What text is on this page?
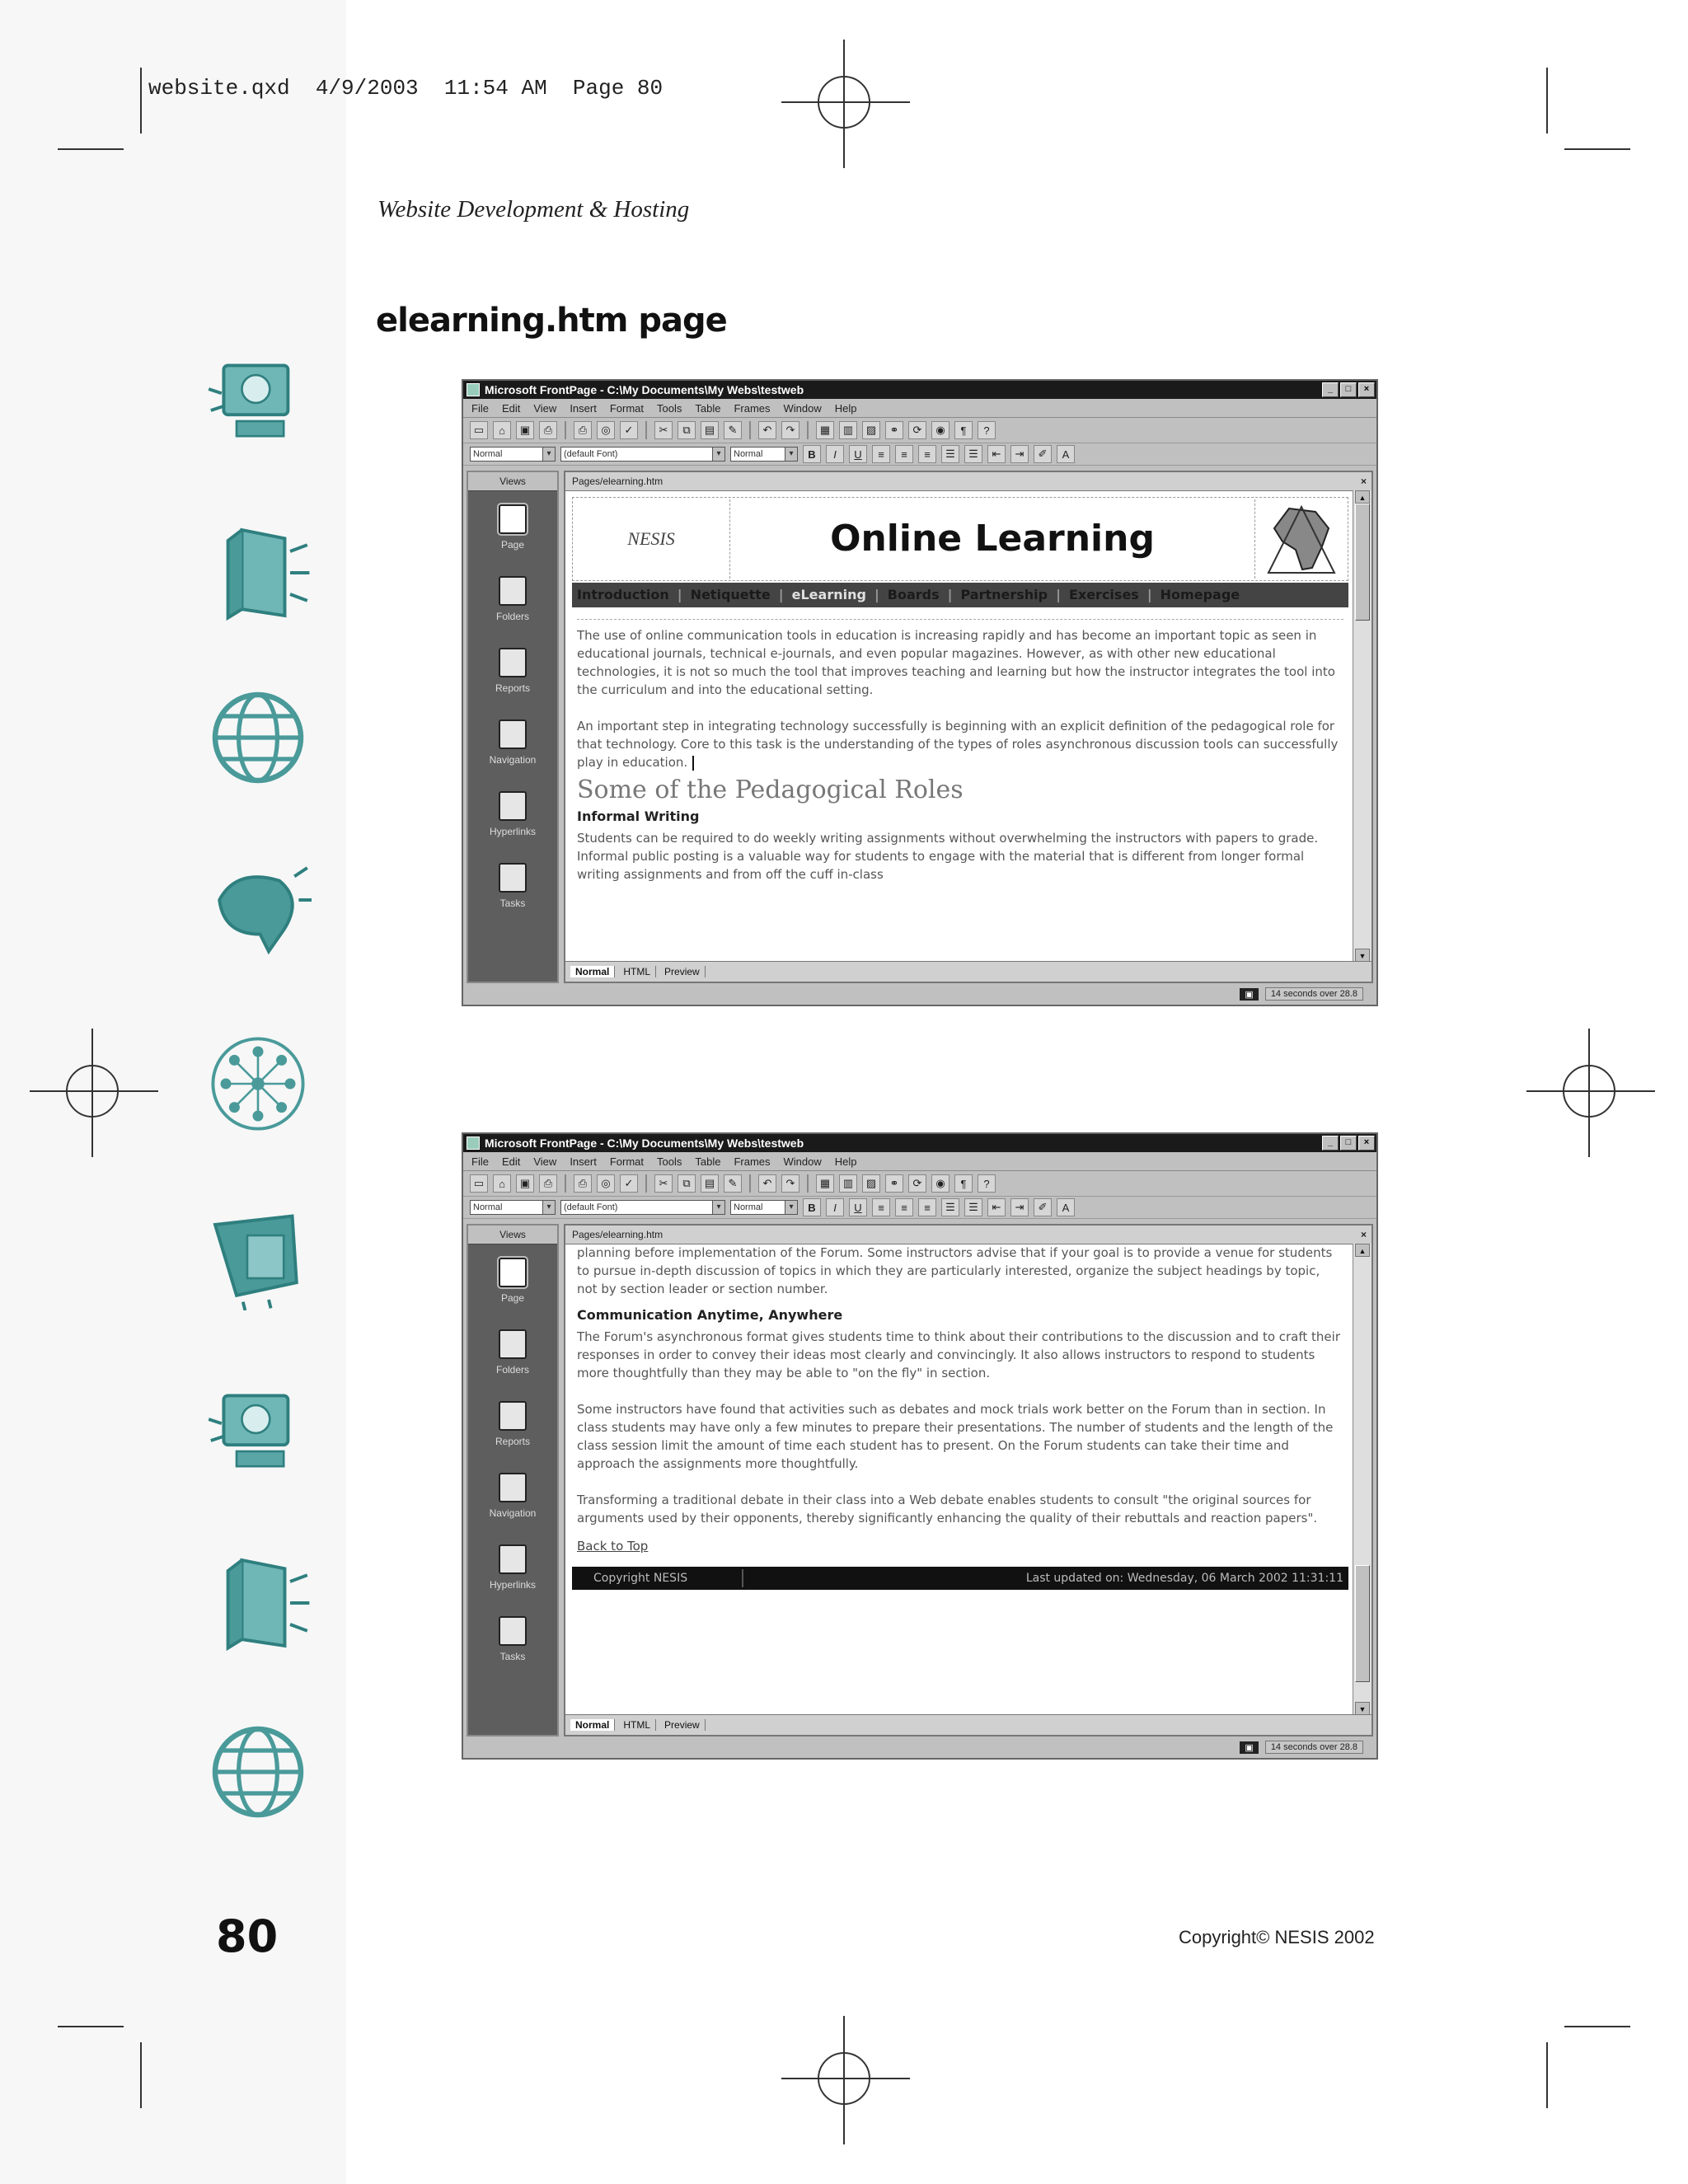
website.qxd  4/9/2003  11:54 AM  Page 80
Website Development & Hosting
elearning.htm page
Microsoft FrontPage - C:\My Documents\My Webs\testweb	_	□	×
File Edit View Insert Format Tools Table Frames Window Help
▭	⌂	▣	⎙	⎙	◎	✓	✂	⧉	▤	✎	↶	↷	▦	▥	▨	⚭	⟳	◉	¶	?
Normal ▾	(default Font) ▾	Normal ▾	B	I	U	≡	≡	≡	☰	☰	⇤	⇥	✐	A
Views
Page
Folders
Reports
Navigation
Hyperlinks
Tasks
Pages/elearning.htm	×
NESIS	Online Learning
Introduction | Netiquette | eLearning | Boards | Partnership | Exercises | Homepage
The use of online communication tools in education is increasing rapidly and has become an important topic as seen in educational journals, technical e-journals, and even popular magazines. However, as with other new educational technologies, it is not so much the tool that improves teaching and learning but how the instructor integrates the tool into the curriculum and into the educational setting.
An important step in integrating technology successfully is beginning with an explicit definition of the pedagogical role for that technology. Core to this task is the understanding of the types of roles asynchronous discussion tools can successfully play in education.
Some of the Pedagogical Roles
Informal Writing
Students can be required to do weekly writing assignments without overwhelming the instructors with papers to grade. Informal public posting is a valuable way for students to engage with the material that is different from longer formal writing assignments and from off the cuff in-class
▲
▼
Normal	HTML	Preview
▣	14 seconds over 28.8
Microsoft FrontPage - C:\My Documents\My Webs\testweb	_	□	×
File Edit View Insert Format Tools Table Frames Window Help
▭	⌂	▣	⎙	⎙	◎	✓	✂	⧉	▤	✎	↶	↷	▦	▥	▨	⚭	⟳	◉	¶	?
Normal ▾	(default Font) ▾	Normal ▾	B	I	U	≡	≡	≡	☰	☰	⇤	⇥	✐	A
Views
Page
Folders
Reports
Navigation
Hyperlinks
Tasks
Pages/elearning.htm	×
planning before implementation of the Forum. Some instructors advise that if your goal is to provide a venue for students to pursue in-depth discussion of topics in which they are particularly interested, organize the subject headings by topic, not by section leader or section number.
Communication Anytime, Anywhere
The Forum's asynchronous format gives students time to think about their contributions to the discussion and to craft their responses in order to convey their ideas most clearly and convincingly. It also allows instructors to respond to students more thoughtfully than they may be able to "on the fly" in section.
Some instructors have found that activities such as debates and mock trials work better on the Forum than in section. In class students may have only a few minutes to prepare their presentations. The number of students and the length of the class session limit the amount of time each student has to present. On the Forum students can take their time and approach the assignments more thoughtfully.
Transforming a traditional debate in their class into a Web debate enables students to consult "the original sources for arguments used by their opponents, thereby significantly enhancing the quality of their rebuttals and reaction papers".
Back to Top
Copyright NESIS	Last updated on: Wednesday, 06 March 2002 11:31:11
▲
▼
Normal	HTML	Preview
▣	14 seconds over 28.8
80	Copyright© NESIS 2002
